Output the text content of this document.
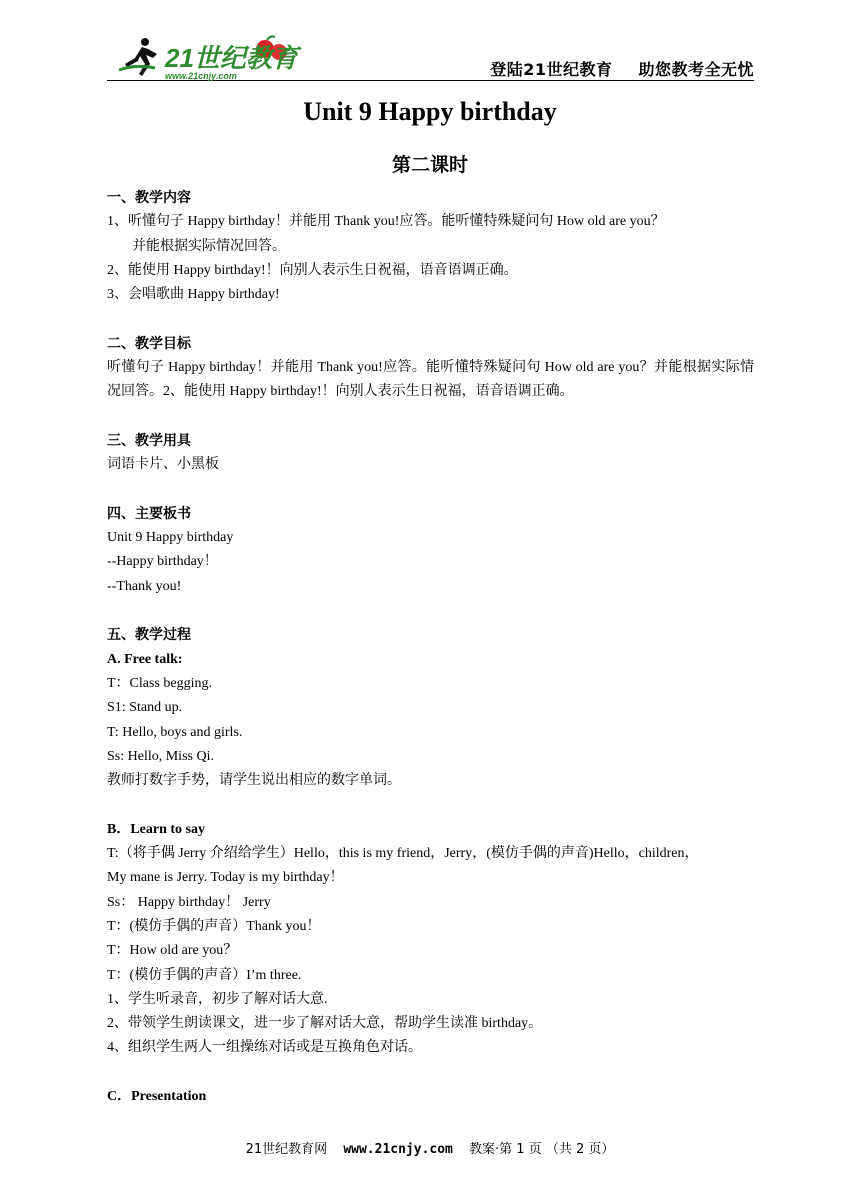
21世纪教育
www.21cnjy.com	登陆21世纪教育 助您教考全无忧
Unit 9 Happy birthday
第二课时
一、教学内容
1、听懂句子 Happy birthday！并能用 Thank you!应答。能听懂特殊疑问句 How old are you？
并能根据实际情况回答。
2、能使用 Happy birthday!！向别人表示生日祝福，语音语调正确。
3、会唱歌曲 Happy birthday!
二、教学目标
听懂句子 Happy birthday！并能用 Thank you!应答。能听懂特殊疑问句 How old are you？并能根据实际情况回答。2、能使用 Happy birthday!！向别人表示生日祝福，语音语调正确。
三、教学用具
词语卡片、小黑板
四、主要板书
Unit 9 Happy birthday
--Happy birthday！
--Thank you!
五、教学过程
A. Free talk:
T：Class begging.
S1: Stand up.
T: Hello, boys and girls.
Ss: Hello, Miss Qi.
教师打数字手势，请学生说出相应的数字单词。
B．Learn to say
T:（将手偶 Jerry 介绍给学生）Hello，this is my friend，Jerry，(模仿手偶的声音)Hello，children，
My mane is Jerry. Today is my birthday！
Ss： Happy birthday！ Jerry
T：(模仿手偶的声音）Thank you！
T：How old are you？
T：(模仿手偶的声音）I’m three.
1、学生听录音，初步了解对话大意.
2、带领学生朗读课文，进一步了解对话大意，帮助学生读准 birthday。
4、组织学生两人一组操练对话或是互换角色对话。
C．Presentation
21世纪教育网 www.21cnjy.com 教案·第 1 页 （共 2 页）
